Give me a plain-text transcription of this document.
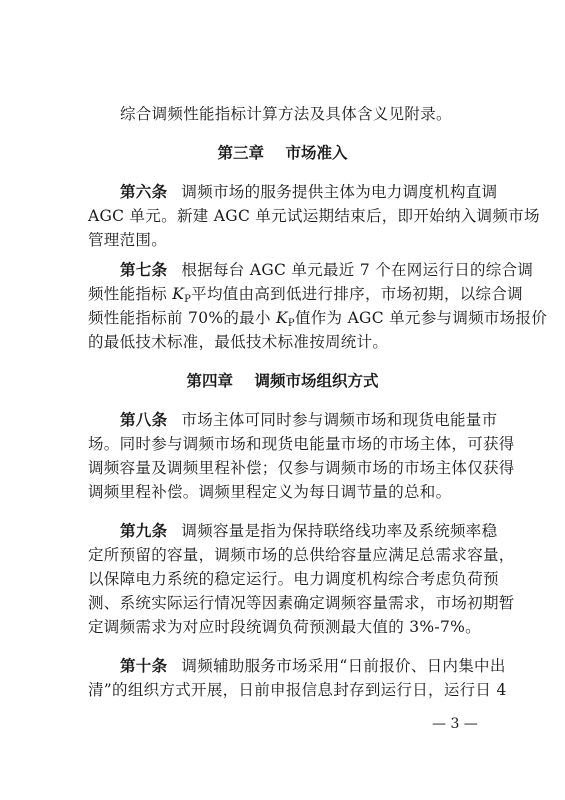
综合调频性能指标计算方法及具体含义见附录。
第三章    市场准入
第六条 调频市场的服务提供主体为电力调度机构直调
AGC 单元。新建 AGC 单元试运期结束后，即开始纳入调频市场
管理范围。
第七条 根据每台 AGC 单元最近 7 个在网运行日的综合调
频性能指标 $K_P$平均值由高到低进行排序，市场初期，以综合调
频性能指标前 70%的最小 $K_P$值作为 AGC 单元参与调频市场报价
的最低技术标准，最低技术标准按周统计。
第四章    调频市场组织方式
第八条 市场主体可同时参与调频市场和现货电能量市
场。同时参与调频市场和现货电能量市场的市场主体，可获得
调频容量及调频里程补偿；仅参与调频市场的市场主体仅获得
调频里程补偿。调频里程定义为每日调节量的总和。
第九条 调频容量是指为保持联络线功率及系统频率稳
定所预留的容量，调频市场的总供给容量应满足总需求容量，
以保障电力系统的稳定运行。电力调度机构综合考虑负荷预
测、系统实际运行情况等因素确定调频容量需求，市场初期暂
定调频需求为对应时段统调负荷预测最大值的 3%-7%。
第十条 调频辅助服务市场采用“日前报价、日内集中出
清”的组织方式开展，日前申报信息封存到运行日，运行日 4
— 3 —
